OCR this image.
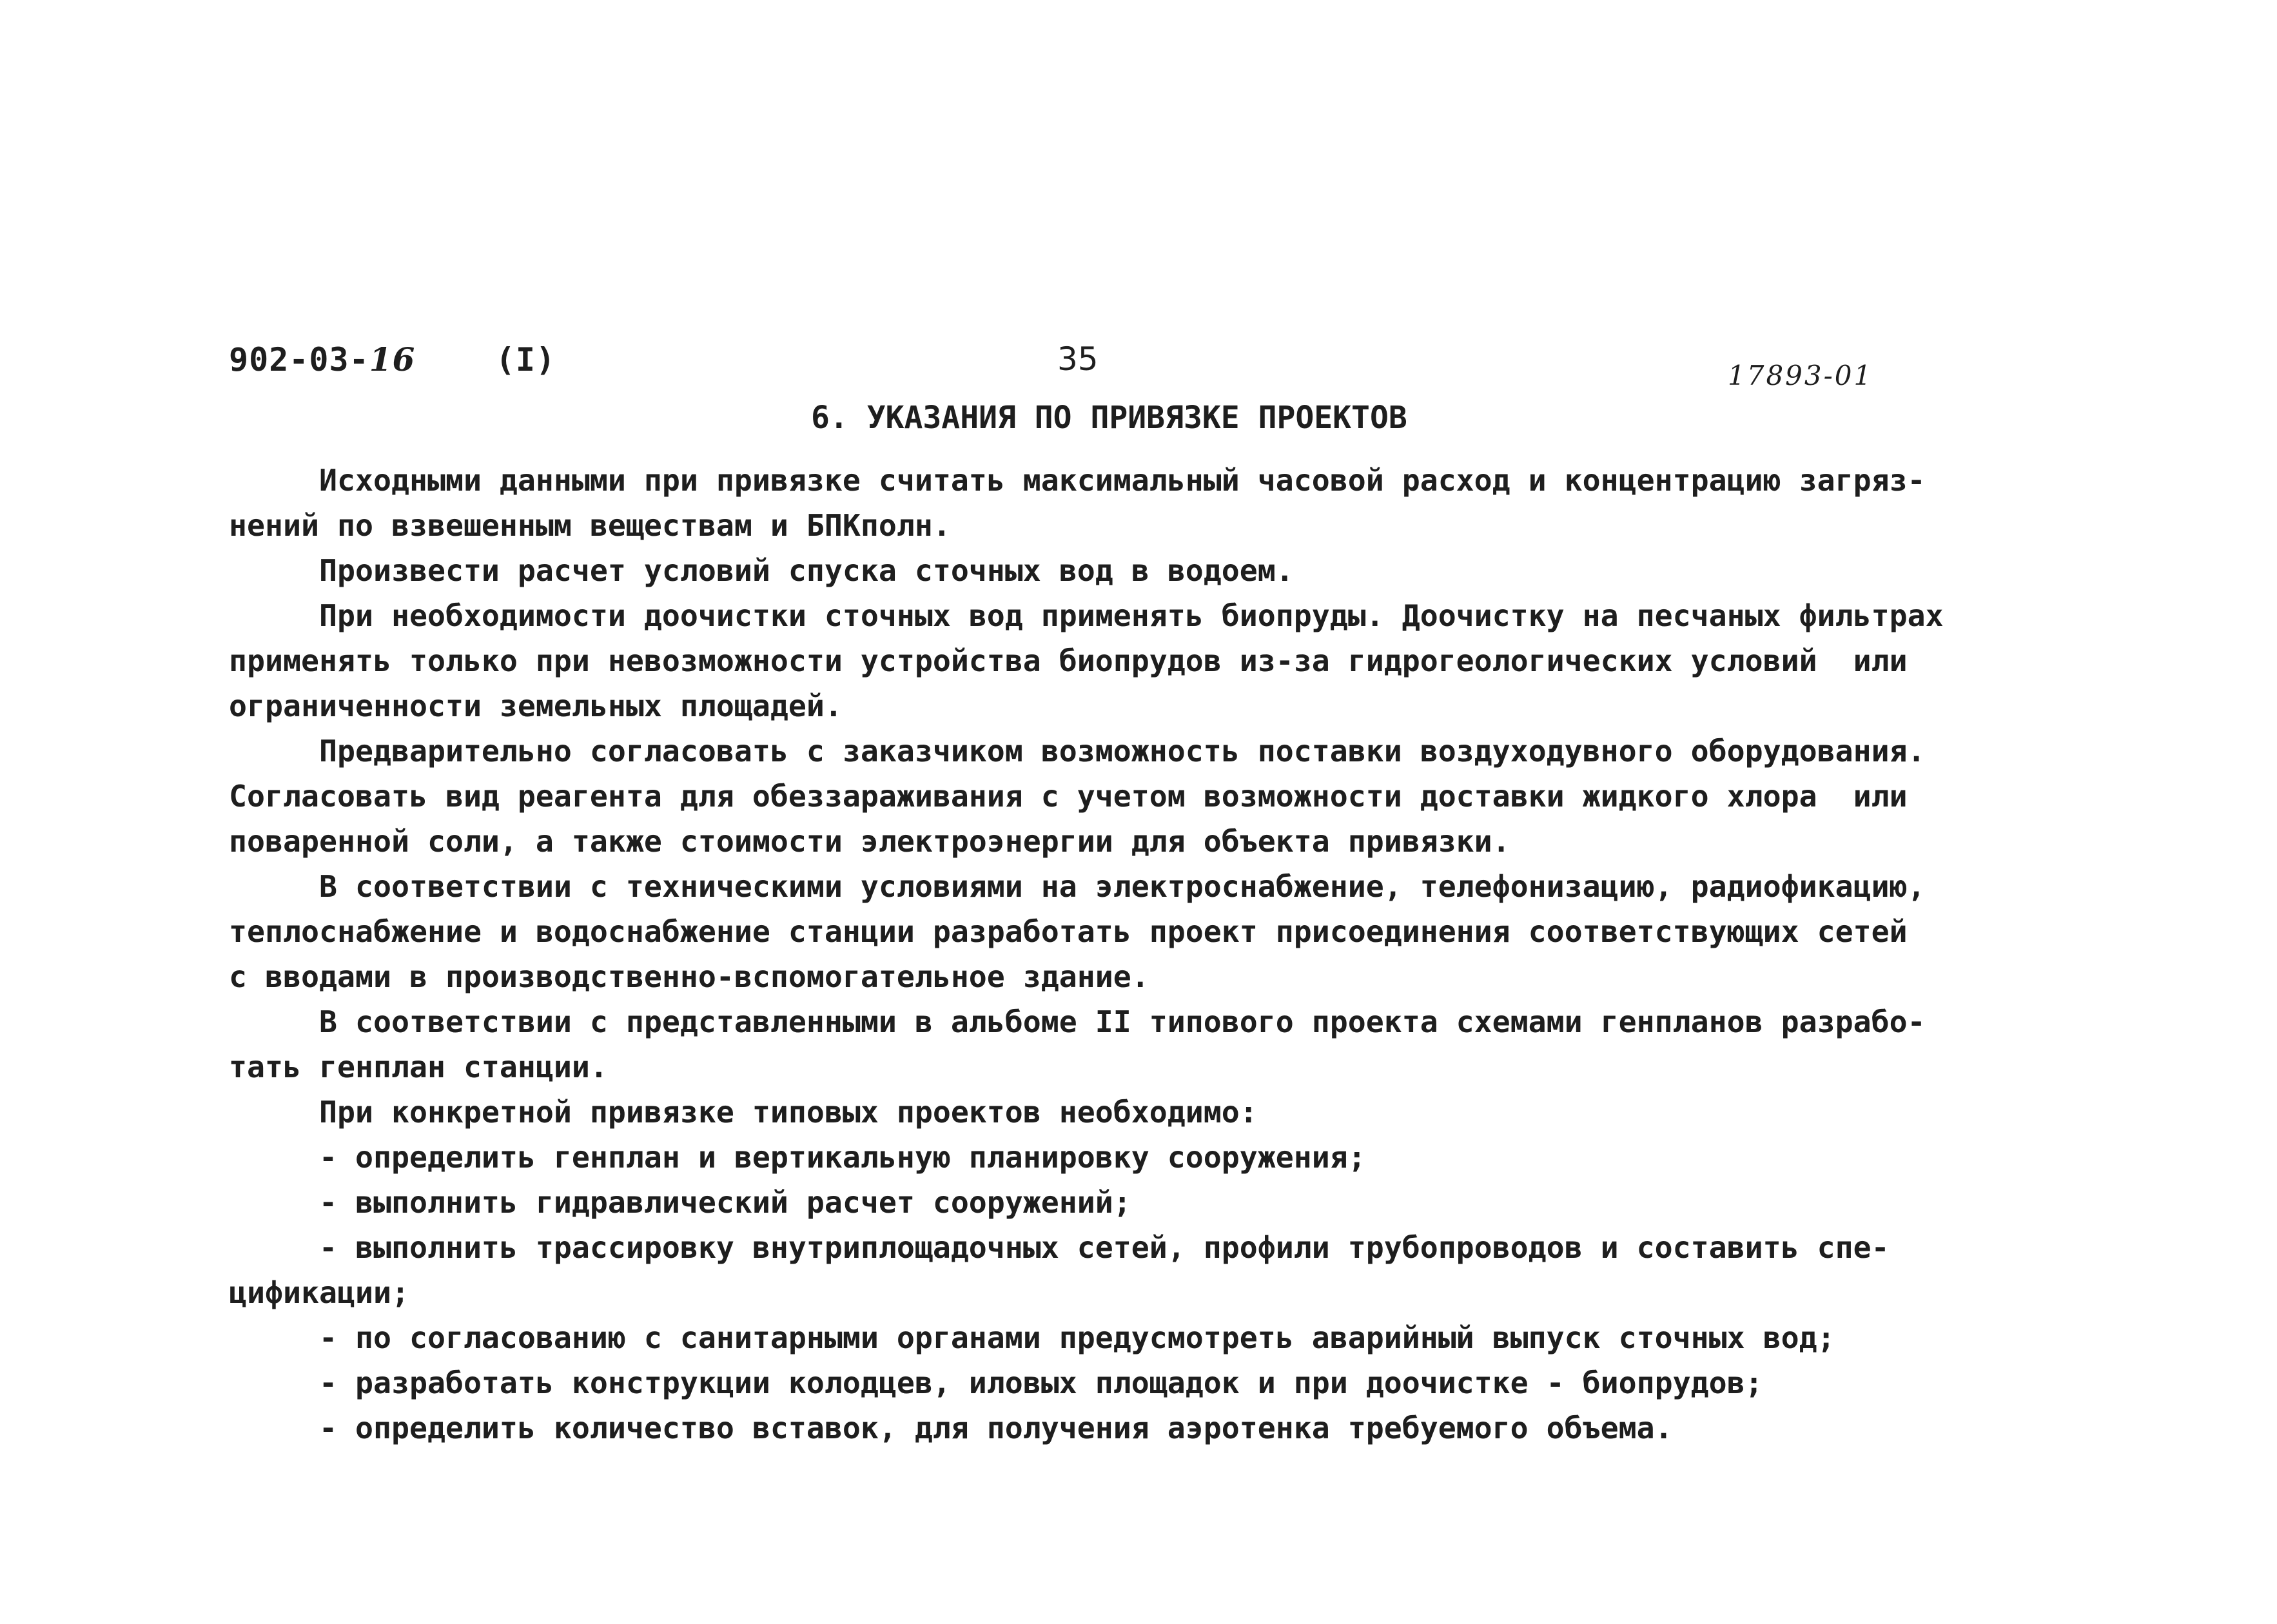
902-03-16 (I)	35	17893-01
6. УКАЗАНИЯ ПО ПРИВЯЗКЕ ПРОЕКТОВ

Исходными данными при привязке считать максимальный часовой расход и концентрацию загряз-

нений по взвешенным веществам и БПКполн.

Произвести расчет условий спуска сточных вод в водоем.

При необходимости доочистки сточных вод применять биопруды. Доочистку на песчаных фильтрах

применять только при невозможности устройства биопрудов из-за гидрогеологических условий  или

ограниченности земельных площадей.

Предварительно согласовать с заказчиком возможность поставки воздуходувного оборудования.

Согласовать вид реагента для обеззараживания с учетом возможности доставки жидкого хлора  или

поваренной соли, а также стоимости электроэнергии для объекта привязки.

В соответствии с техническими условиями на электроснабжение, телефонизацию, радиофикацию,

теплоснабжение и водоснабжение станции разработать проект присоединения соответствующих сетей

с вводами в производственно-вспомогательное здание.

В соответствии с представленными в альбоме II типового проекта схемами генпланов разрабо-

тать генплан станции.

При конкретной привязке типовых проектов необходимо:

- определить генплан и вертикальную планировку сооружения;

- выполнить гидравлический расчет сооружений;

- выполнить трассировку внутриплощадочных сетей, профили трубопроводов и составить спе-

цификации;

- по согласованию с санитарными органами предусмотреть аварийный выпуск сточных вод;

- разработать конструкции колодцев, иловых площадок и при доочистке - биопрудов;

- определить количество вставок, для получения аэротенка требуемого объема.
